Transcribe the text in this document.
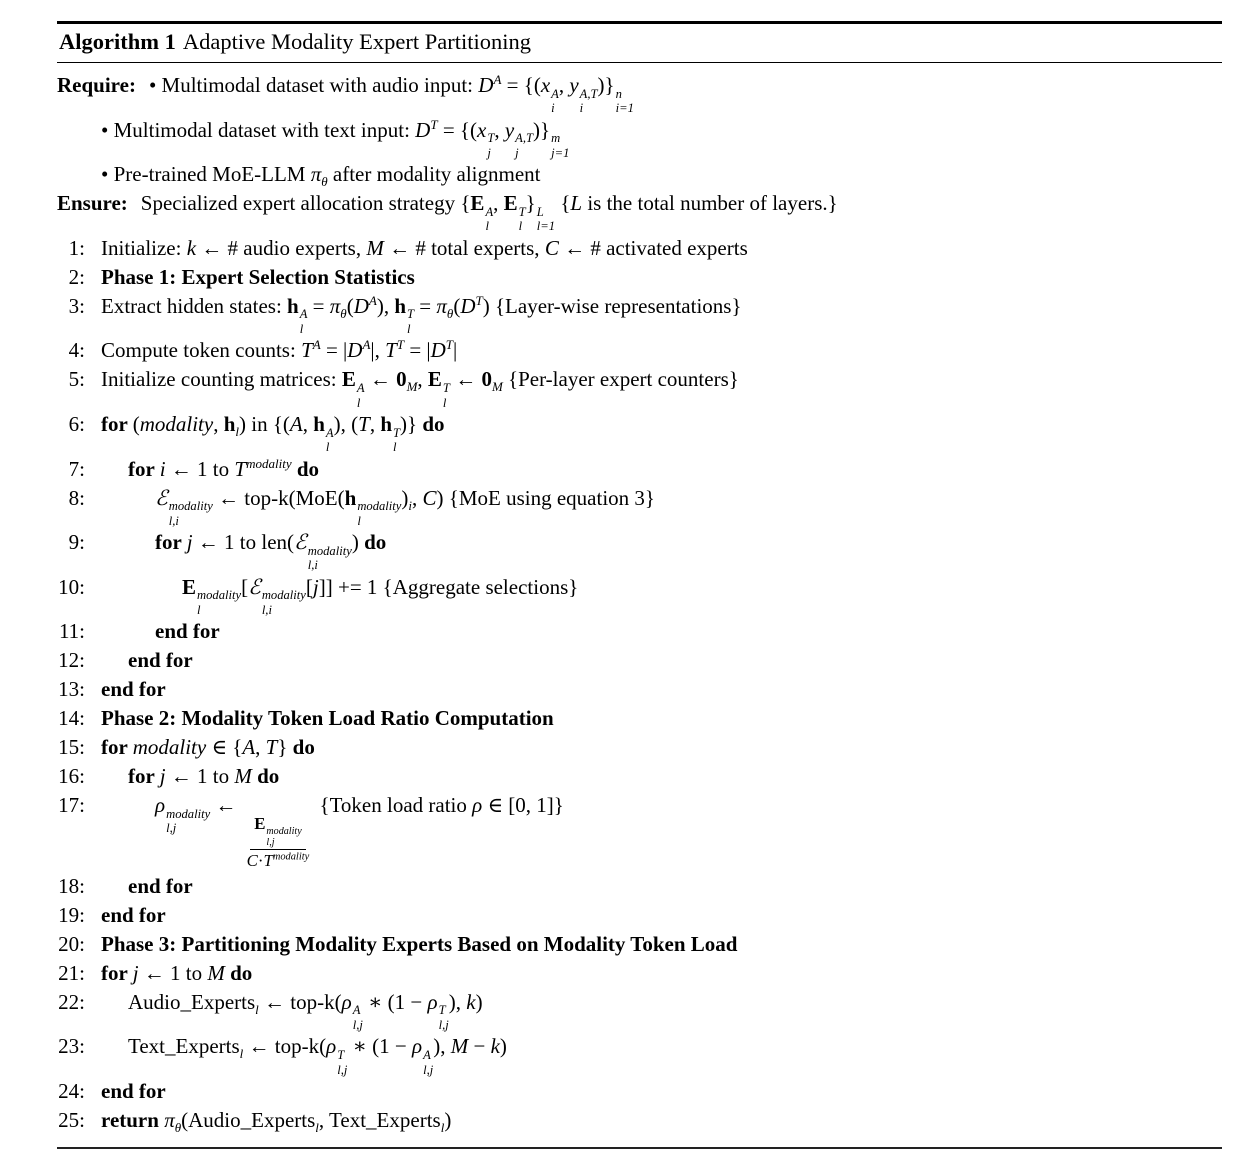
Algorithm 1 Adaptive Modality Expert Partitioning
Require: • Multimodal dataset with audio input: $D^A = \{(x$ A
i
, y A,T
i
)} n
i=1
• Multimodal dataset with text input: $D^T = \{(x$ T
j
, y A,T
j
)} m
j=1
• Pre-trained MoE-LLM $\pi_\theta$ after modality alignment
Ensure: Specialized expert allocation strategy {E A
l
, E T
l
} L
l=1
{L is the total number of layers.}
1: Initialize: k ← # audio experts, M ← # total experts, C ← # activated experts
2: Phase 1: Expert Selection Statistics
3: Extract hidden states: h A
l
= $\pi_\theta(D^A)$, h T
l
= $\pi_\theta(D^T)$ {Layer-wise representations}
4: Compute token counts: $T^A = |D^A|$, $T^T = |D^T|$
5: Initialize counting matrices: E A
l
← $0_M$, E T
l
← $0_M$ {Per-layer expert counters}
6: for (modality, $h_l$) in {(A, h A
l
), (T, h T
l
)} do
7:	for i ← 1 to $T^{modality}$ do
8:	ℰ modality
l,i
← top-k(MoE(h modality
l
)$_i$, C) {MoE using equation 3}
9:	for j ← 1 to len(ℰ modality
l,i
) do
10:	E modality
l
[ℰ modality
l,i
[j]] += 1 {Aggregate selections}
11:	end for
12:	end for
13: end for
14: Phase 2: Modality Token Load Ratio Computation
15: for modality ∈ {A, T} do
16:	for j ← 1 to M do
17:	ρ modality
l,j
←
E modality
l,j
$C\cdot T^{modality}$
{Token load ratio ρ ∈ [0, 1]}
18:	end for
19: end for
20: Phase 3: Partitioning Modality Experts Based on Modality Token Load
21: for j ← 1 to M do
22:	Audio_Experts$_l$ ← top-k(ρ A
l,j
∗ (1 − ρ T
l,j
), k)
23:	Text_Experts$_l$ ← top-k(ρ T
l,j
∗ (1 − ρ A
l,j
), M − k)
24: end for
25: return $\pi_\theta(Audio\_Experts_l$, Text_Experts$_l$)
